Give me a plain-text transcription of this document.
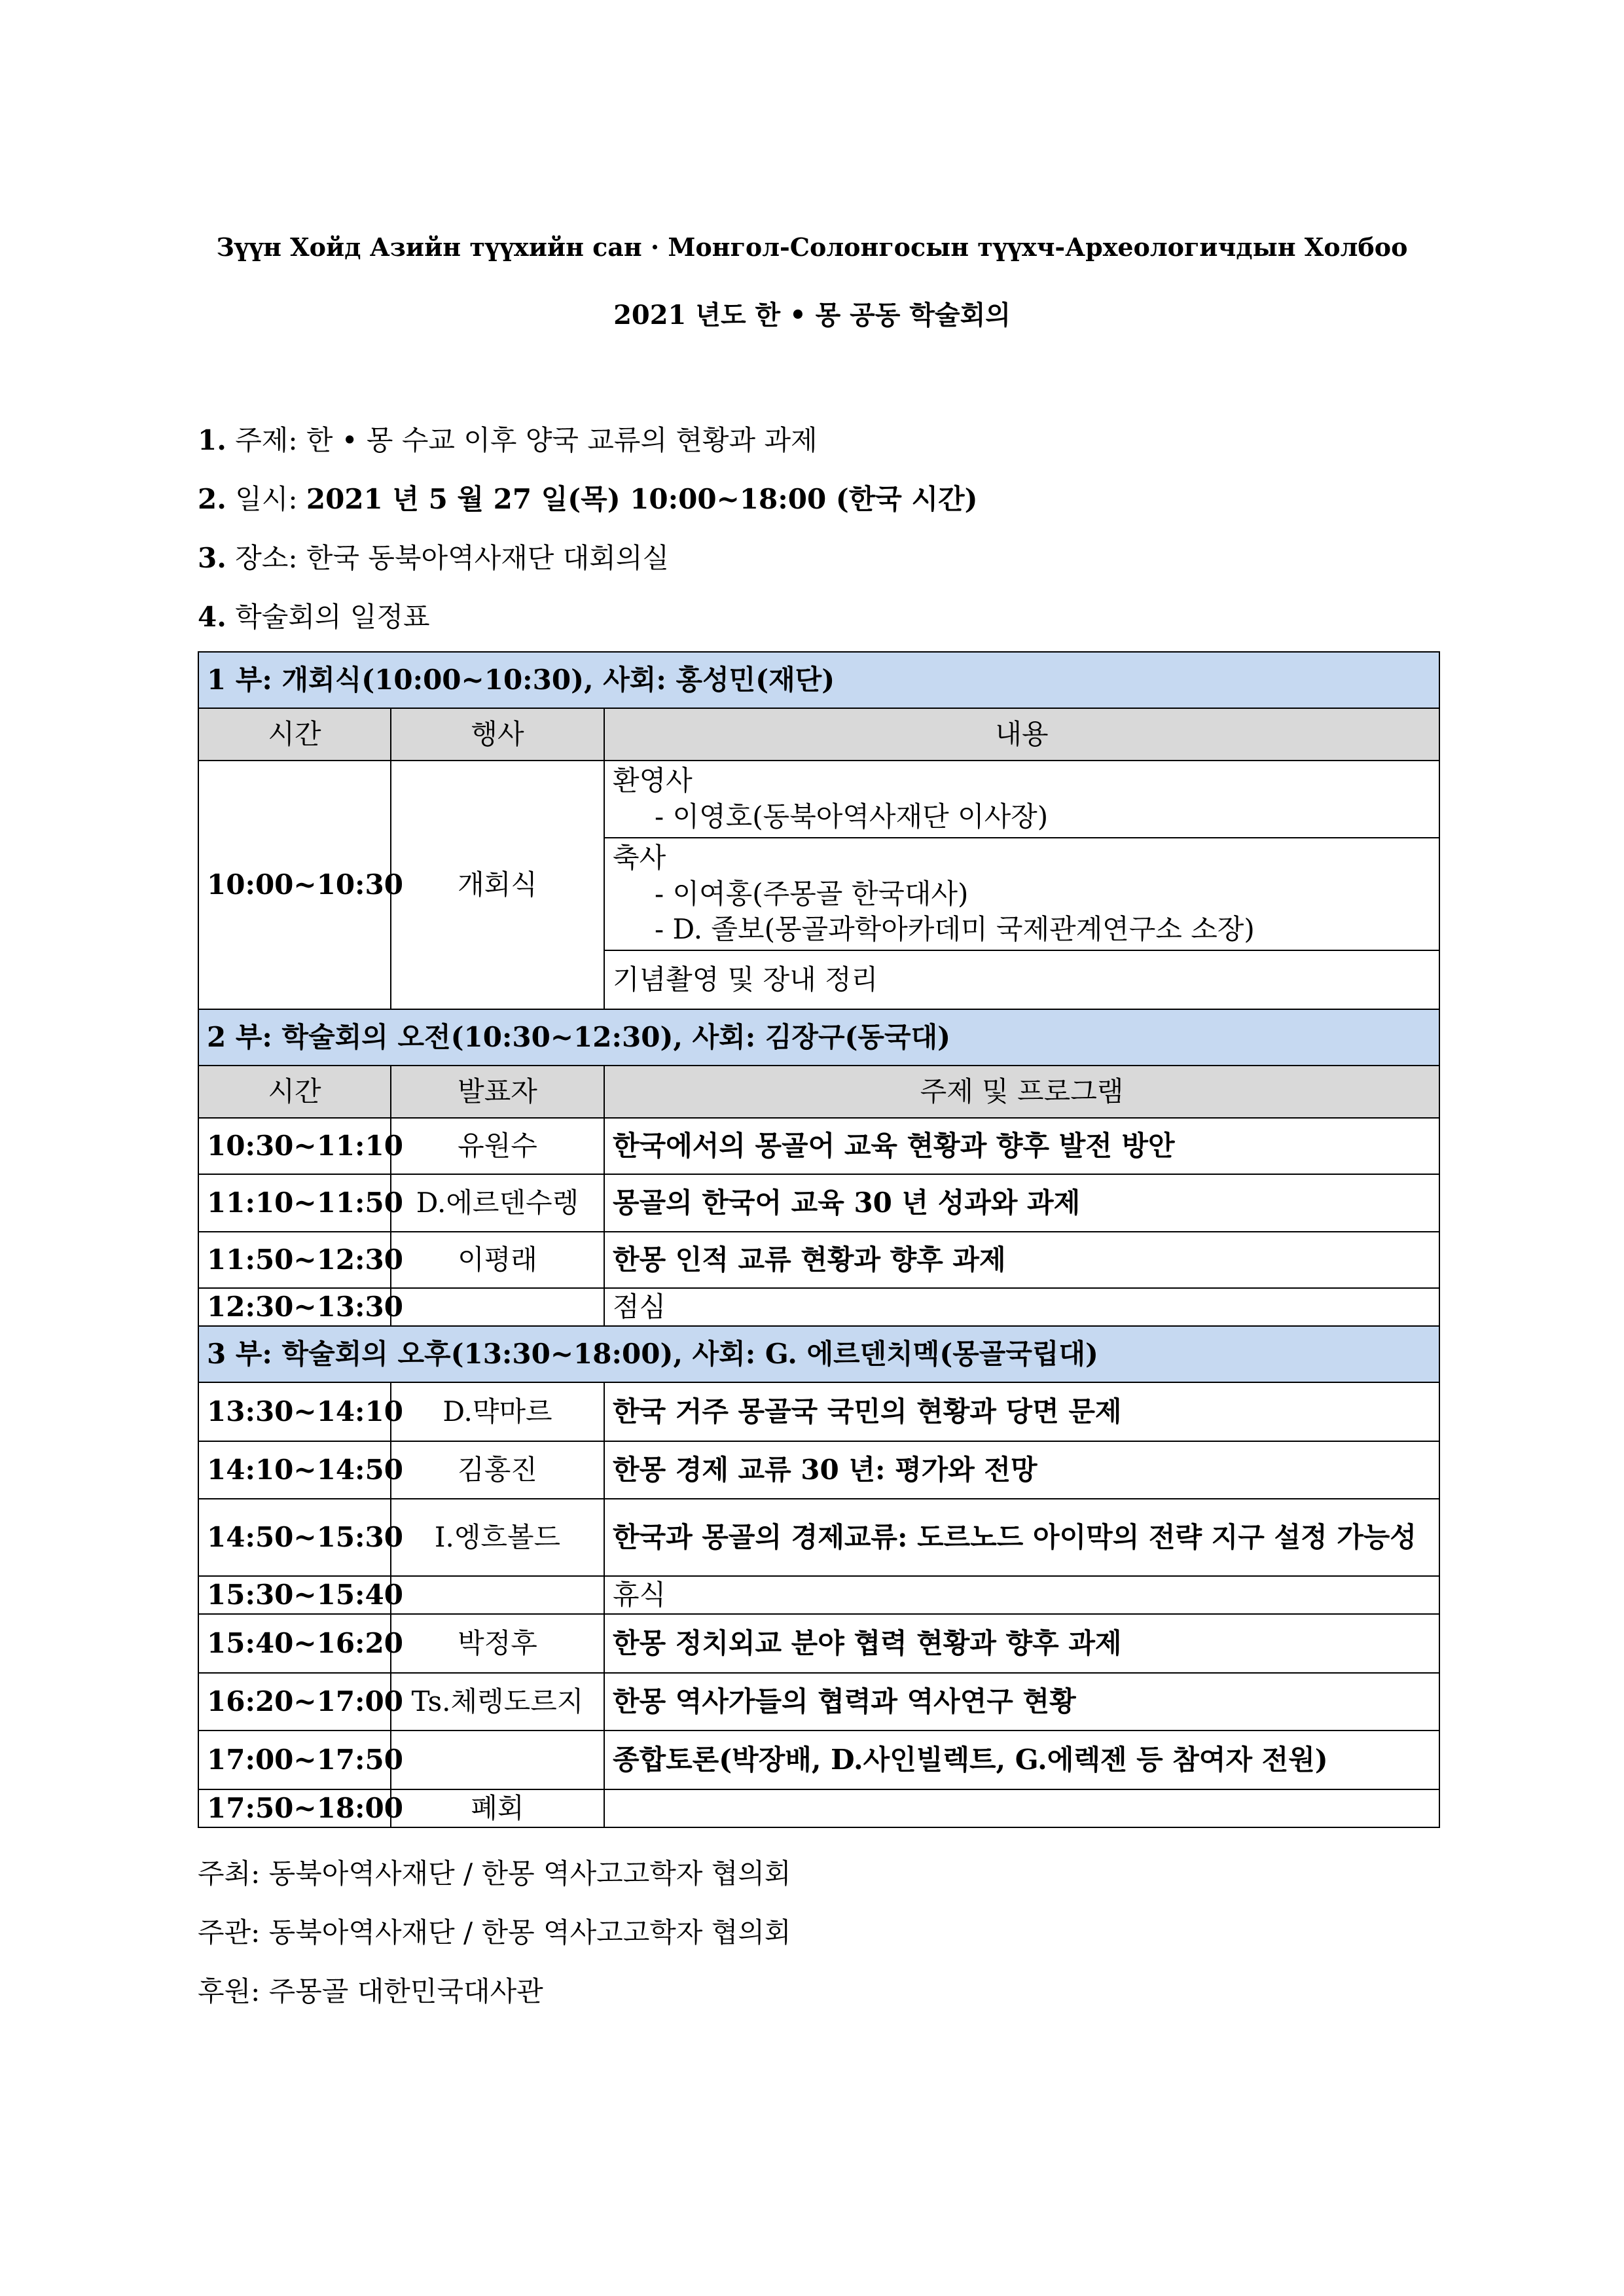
Зүүн Хойд Азийн түүхийн сан · Монгол-Солонгосын түүхч-Археологичдын Холбоо
2021 년도 한 • 몽 공동 학술회의
1. 주제: 한 • 몽 수교 이후 양국 교류의 현황과 과제
2. 일시: 2021 년 5 월 27 일(목) 10:00~18:00 (한국 시간)
3. 장소: 한국 동북아역사재단 대회의실
4. 학술회의 일정표
1 부: 개회식(10:00~10:30), 사회: 홍성민(재단)		
시간	행사	내용
10:00~10:30	개회식	환영사
- 이영호(동북아역사재단 이사장)

		축사
- 이여홍(주몽골 한국대사)
- D. 졸보(몽골과학아카데미 국제관계연구소 소장)

		기념촬영 및 장내 정리
2 부: 학술회의 오전(10:30~12:30), 사회: 김장구(동국대)		
시간	발표자	주제 및 프로그램
10:30~11:10	유원수	한국에서의 몽골어 교육 현황과 향후 발전 방안
11:10~11:50	D.에르덴수렝	몽골의 한국어 교육 30 년 성과와 과제
11:50~12:30	이평래	한몽 인적 교류 현황과 향후 과제
12:30~13:30		점심
3 부: 학술회의 오후(13:30~18:00), 사회: G. 에르덴치멕(몽골국립대)		
13:30~14:10	D.먁마르	한국 거주 몽골국 국민의 현황과 당면 문제
14:10~14:50	김홍진	한몽 경제 교류 30 년: 평가와 전망
14:50~15:30	I.엥흐볼드	한국과 몽골의 경제교류: 도르노드 아이막의 전략 지구 설정 가능성
15:30~15:40		휴식
15:40~16:20	박정후	한몽 정치외교 분야 협력 현황과 향후 과제
16:20~17:00	Ts.체렝도르지	한몽 역사가들의 협력과 역사연구 현황
17:00~17:50		종합토론(박장배, D.사인빌렉트, G.에렉젠 등 참여자 전원)
17:50~18:00	폐회	
주최: 동북아역사재단 / 한몽 역사고고학자 협의회
주관: 동북아역사재단 / 한몽 역사고고학자 협의회
후원: 주몽골 대한민국대사관
